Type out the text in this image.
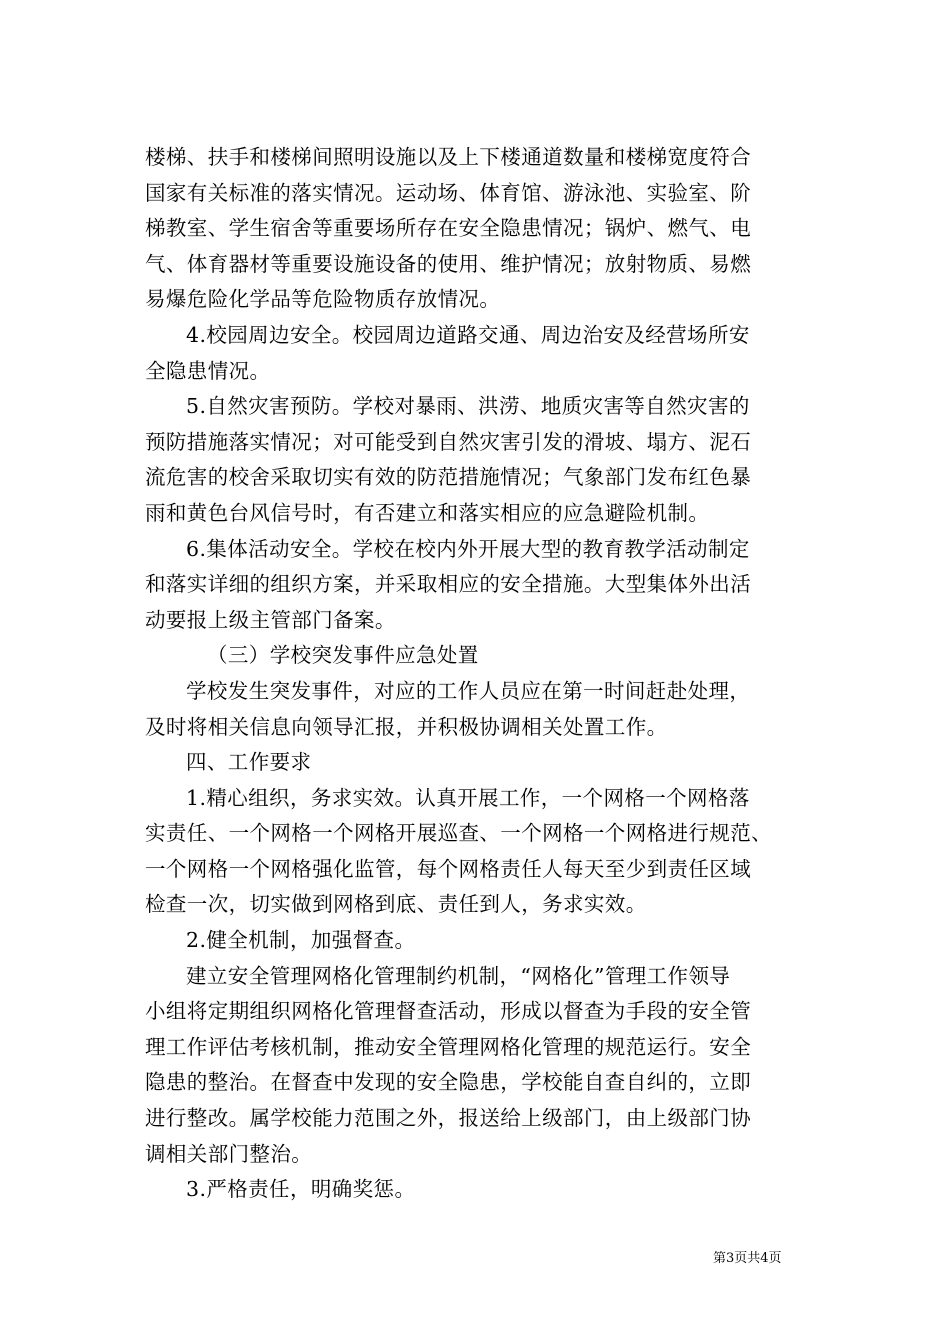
楼梯、扶手和楼梯间照明设施以及上下楼通道数量和楼梯宽度符合
国家有关标准的落实情况。运动场、体育馆、游泳池、实验室、阶
梯教室、学生宿舍等重要场所存在安全隐患情况；锅炉、燃气、电
气、体育器材等重要设施设备的使用、维护情况；放射物质、易燃
易爆危险化学品等危险物质存放情况。
4.校园周边安全。校园周边道路交通、周边治安及经营场所安
全隐患情况。
5.自然灾害预防。学校对暴雨、洪涝、地质灾害等自然灾害的
预防措施落实情况；对可能受到自然灾害引发的滑坡、塌方、泥石
流危害的校舍采取切实有效的防范措施情况；气象部门发布红色暴
雨和黄色台风信号时，有否建立和落实相应的应急避险机制。
6.集体活动安全。学校在校内外开展大型的教育教学活动制定
和落实详细的组织方案，并采取相应的安全措施。大型集体外出活
动要报上级主管部门备案。
（三）学校突发事件应急处置
学校发生突发事件，对应的工作人员应在第一时间赶赴处理，
及时将相关信息向领导汇报，并积极协调相关处置工作。
四、工作要求
1.精心组织，务求实效。认真开展工作，一个网格一个网格落
实责任、一个网格一个网格开展巡查、一个网格一个网格进行规范、
一个网格一个网格强化监管，每个网格责任人每天至少到责任区域
检查一次，切实做到网格到底、责任到人，务求实效。
2.健全机制，加强督查。
建立安全管理网格化管理制约机制，“网格化”管理工作领导
小组将定期组织网格化管理督查活动，形成以督查为手段的安全管
理工作评估考核机制，推动安全管理网格化管理的规范运行。安全
隐患的整治。在督查中发现的安全隐患，学校能自查自纠的，立即
进行整改。属学校能力范围之外，报送给上级部门，由上级部门协
调相关部门整治。
3.严格责任，明确奖惩。
第3页共4页
